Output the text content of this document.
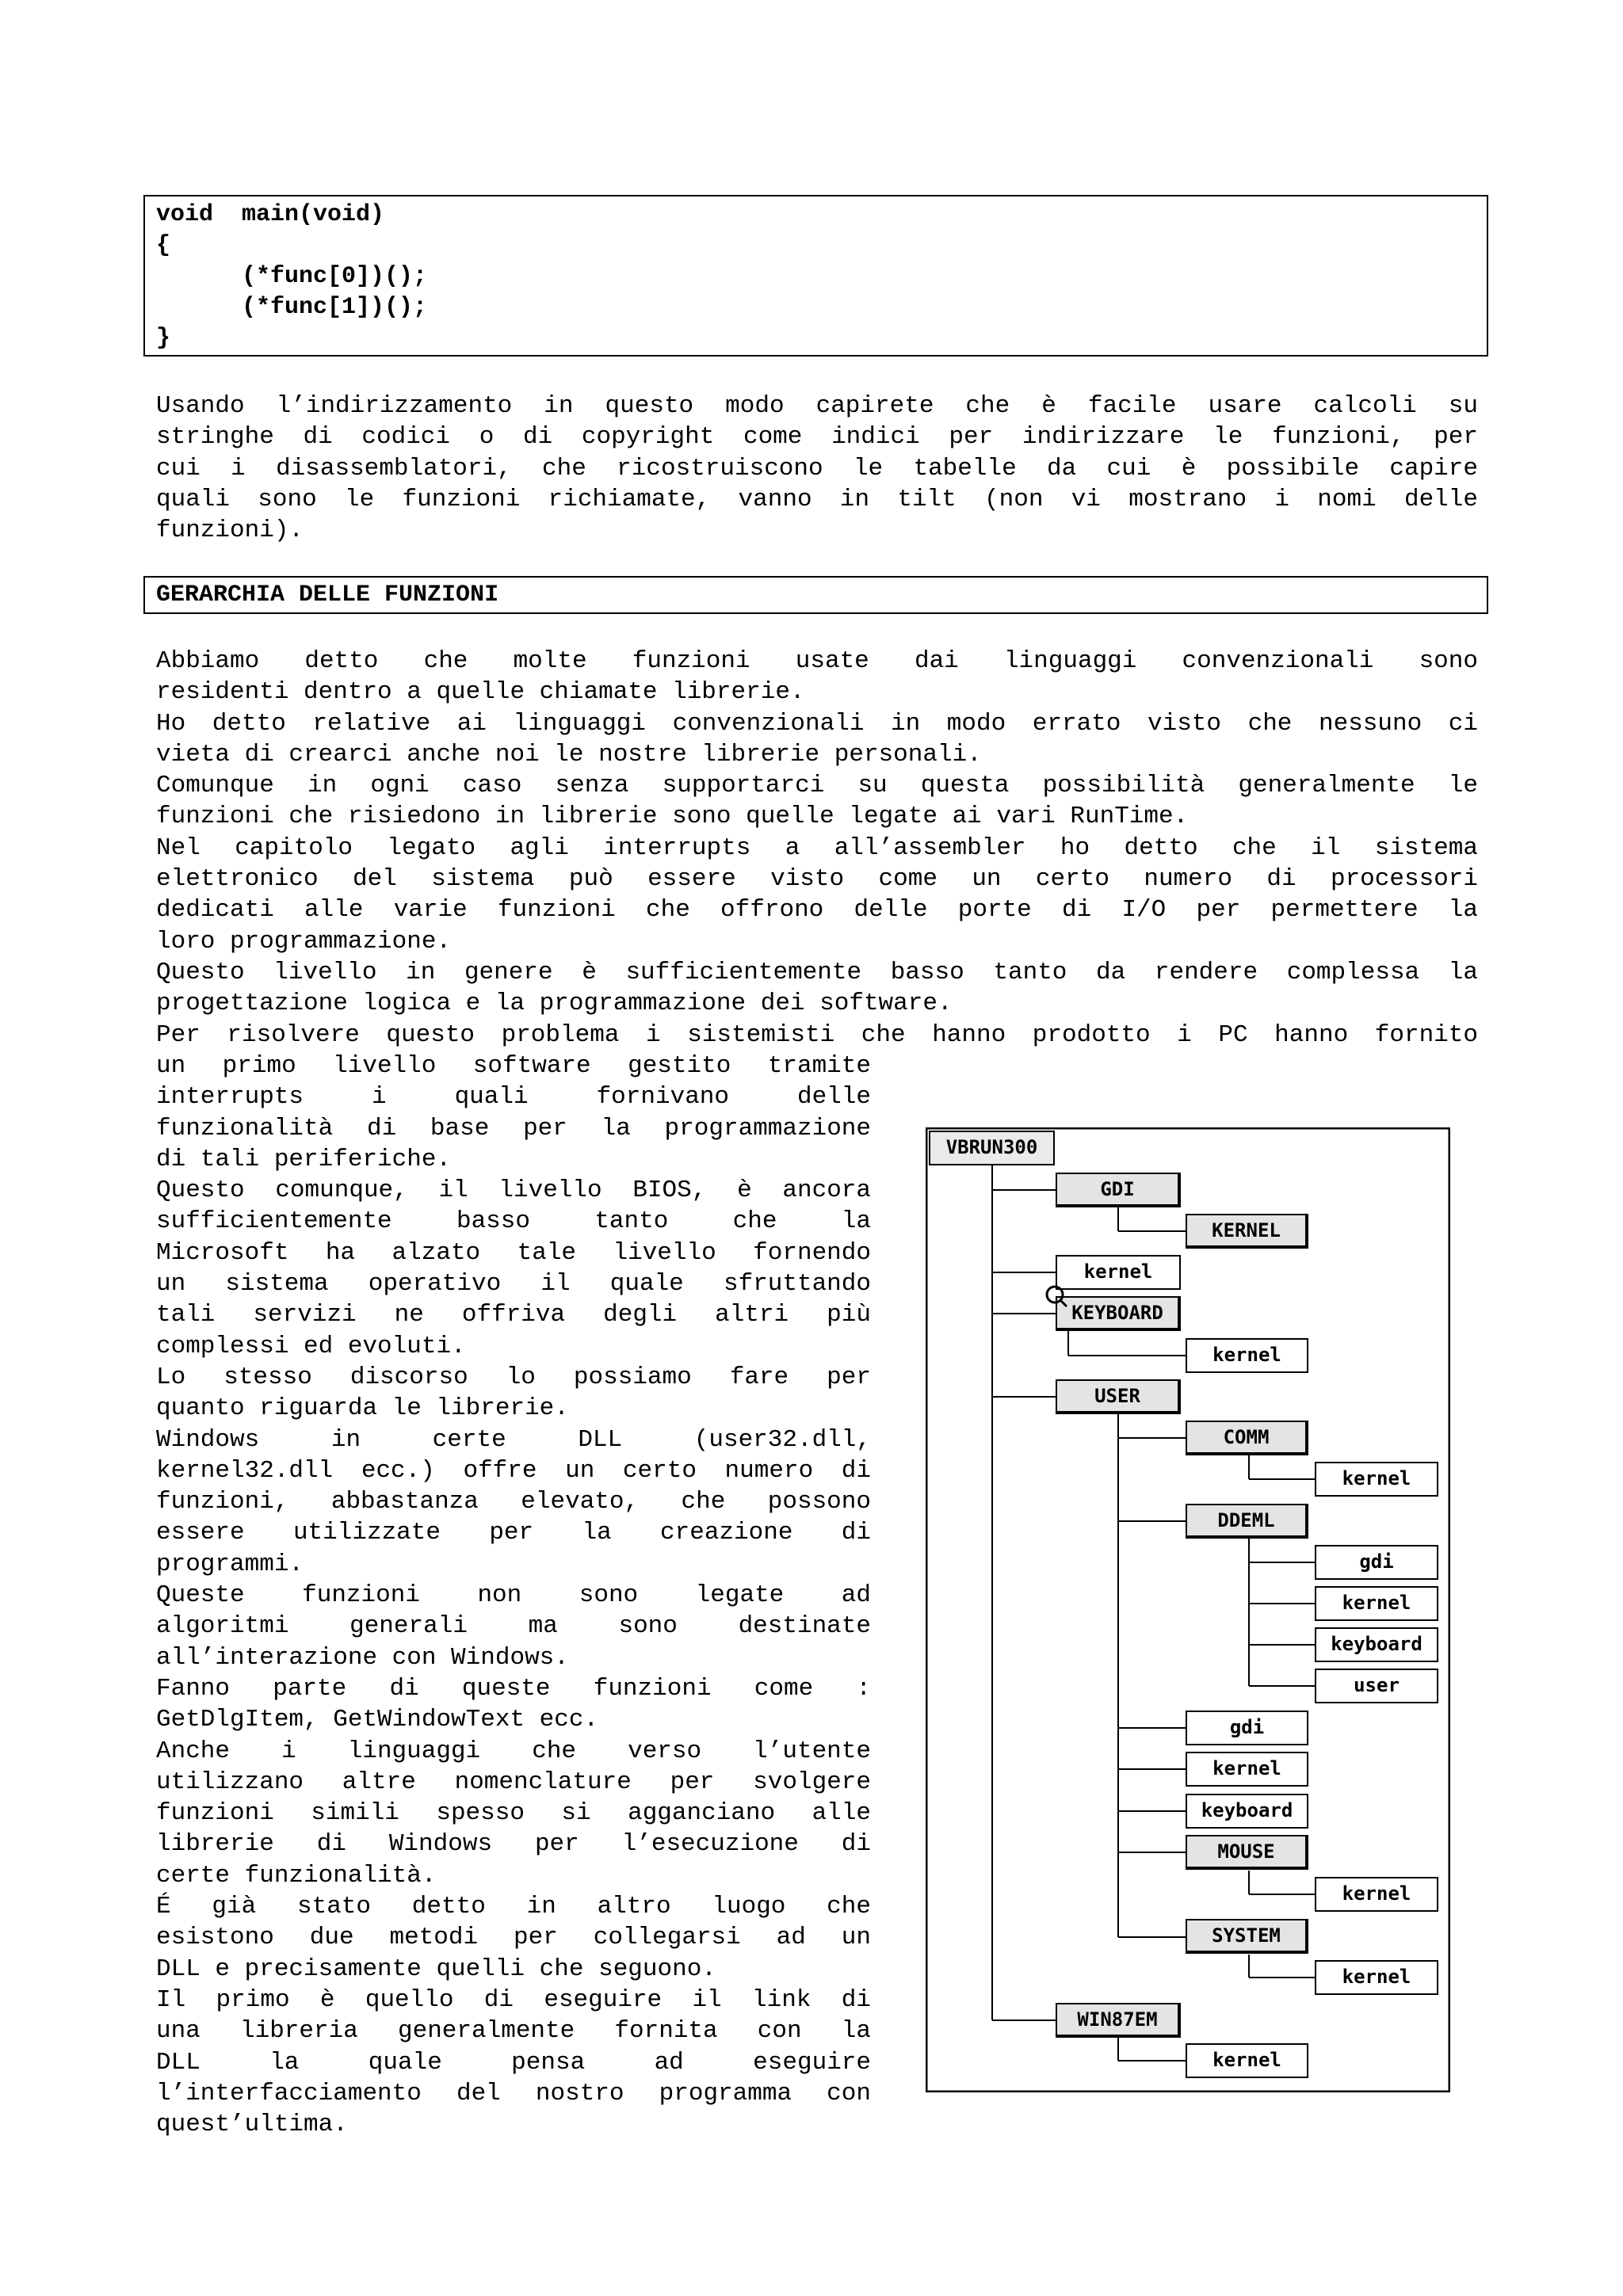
void  main(void)
{
(*func[0])();
(*func[1])();
}
Usando l’indirizzamento in questo modo capirete che è facile usare calcoli su
stringhe di codici o di copyright come indici per indirizzare le funzioni, per
cui i disassemblatori, che ricostruiscono le tabelle da cui è possibile capire
quali sono le funzioni richiamate, vanno in tilt (non vi mostrano i nomi delle
funzioni).
GERARCHIA DELLE FUNZIONI
Abbiamo detto che molte funzioni usate dai linguaggi convenzionali sono
residenti dentro a quelle chiamate librerie.
Ho detto relative ai linguaggi convenzionali in modo errato visto che nessuno ci
vieta di crearci anche noi le nostre librerie personali.
Comunque in ogni caso senza supportarci su questa possibilità generalmente le
funzioni che risiedono in librerie sono quelle legate ai vari RunTime.
Nel capitolo legato agli interrupts a all’assembler ho detto che il sistema
elettronico del sistema può essere visto come un certo numero di processori
dedicati alle varie funzioni che offrono delle porte di I/O per permettere la
loro programmazione.
Questo livello in genere è sufficientemente basso tanto da rendere complessa la
progettazione logica e la programmazione dei software.
Per risolvere questo problema i sistemisti che hanno prodotto i PC hanno fornito
un primo livello software gestito tramite
interrupts i quali fornivano delle
funzionalità di base per la programmazione
di tali periferiche.
Questo comunque, il livello BIOS, è ancora
sufficientemente basso tanto che la
Microsoft ha alzato tale livello fornendo
un sistema operativo il quale sfruttando
tali servizi ne offriva degli altri più
complessi ed evoluti.
Lo stesso discorso lo possiamo fare per
quanto riguarda le librerie.
Windows in certe DLL (user32.dll,
kernel32.dll ecc.) offre un certo numero di
funzioni, abbastanza elevato, che possono
essere utilizzate per la creazione di
programmi.
Queste funzioni non sono legate ad
algoritmi generali ma sono destinate
all’interazione con Windows.
Fanno parte di queste funzioni come :
GetDlgItem, GetWindowText ecc.
Anche i linguaggi che verso l’utente
utilizzano altre nomenclature per svolgere
funzioni simili spesso si agganciano alle
librerie di Windows per l’esecuzione di
certe funzionalità.
É già stato detto in altro luogo che
esistono due metodi per collegarsi ad un
DLL e precisamente quelli che seguono.
Il primo è quello di eseguire il link di
una libreria generalmente fornita con la
DLL la quale pensa ad eseguire
l’interfacciamento del nostro programma con
quest’ultima.
VBRUN300
GDI
KERNEL
kernel
KEYBOARD
kernel
USER
COMM
kernel
DDEML
gdi
kernel
keyboard
user
gdi
kernel
keyboard
MOUSE
kernel
SYSTEM
kernel
WIN87EM
kernel
